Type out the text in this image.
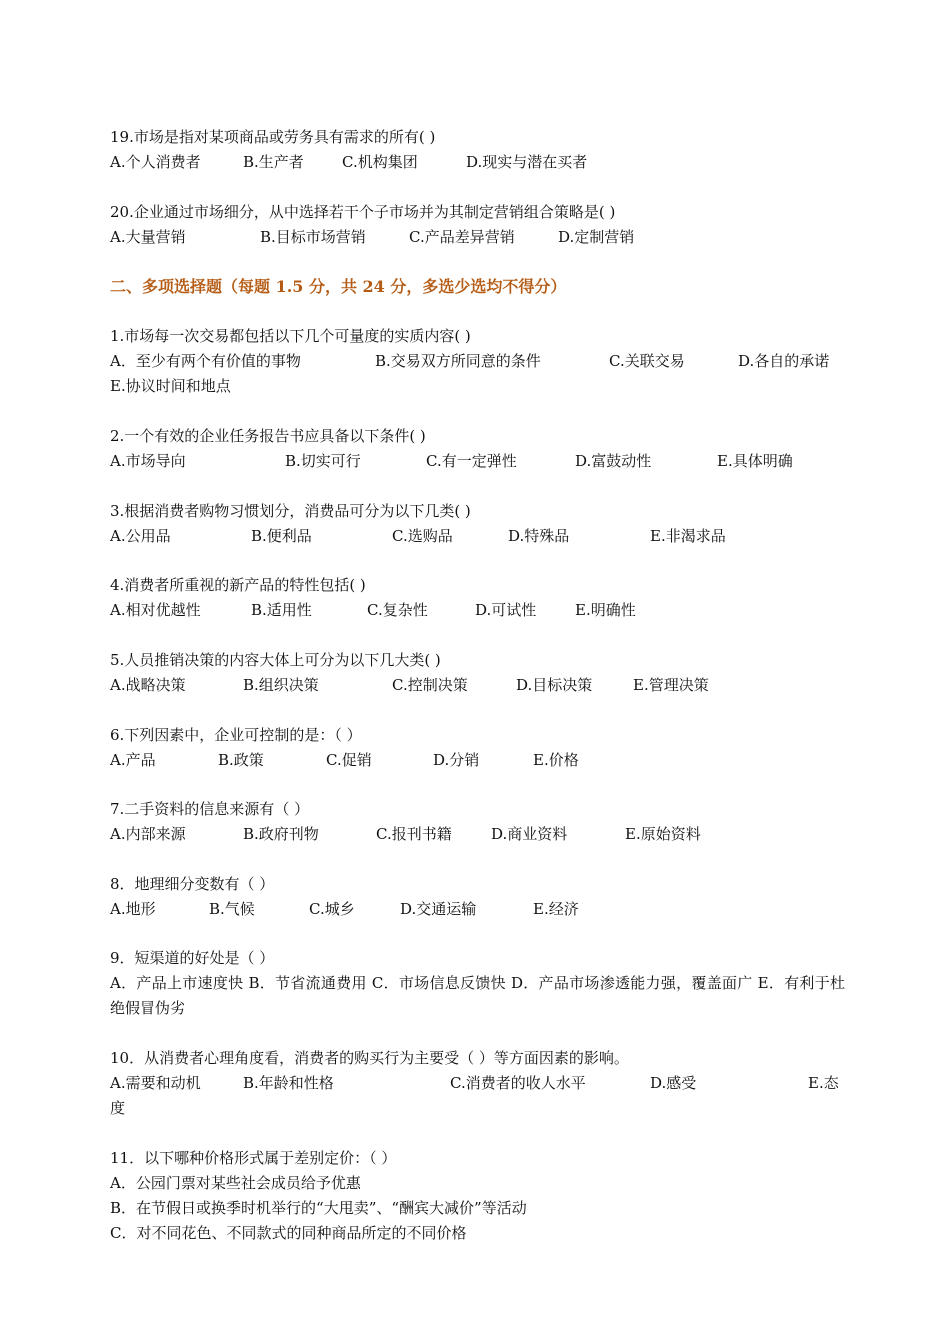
19.市场是指对某项商品或劳务具有需求的所有( )
A.个人消费者	B.生产者	C.机构集团	D.现实与潜在买者
20.企业通过市场细分，从中选择若干个子市场并为其制定营销组合策略是( )
A.大量营销	B.目标市场营销	C.产品差异营销	D.定制营销
二、多项选择题（每题 1.5 分，共 24 分，多选少选均不得分）
1.市场每一次交易都包括以下几个可量度的实质内容( )
A．至少有两个有价值的事物	B.交易双方所同意的条件	C.关联交易	D.各自的承诺
E.协议时间和地点
2.一个有效的企业任务报告书应具备以下条件( )
A.市场导向	B.切实可行	C.有一定弹性	D.富鼓动性	E.具体明确
3.根据消费者购物习惯划分，消费品可分为以下几类( )
A.公用品	B.便利品	C.选购品	D.特殊品	E.非渴求品
4.消费者所重视的新产品的特性包括( )
A.相对优越性	B.适用性	C.复杂性	D.可试性	E.明确性
5.人员推销决策的内容大体上可分为以下几大类( )
A.战略决策	B.组织决策	C.控制决策	D.目标决策	E.管理决策
6.下列因素中，企业可控制的是：（ ）
A.产品	B.政策	C.促销	D.分销	E.价格
7.二手资料的信息来源有（ ）
A.内部来源	B.政府刊物	C.报刊书籍	D.商业资料	E.原始资料
8．地理细分变数有（ ）
A.地形	B.气候	C.城乡	D.交通运输	E.经济
9．短渠道的好处是（ ）
A．产品上市速度快 B．节省流通费用 C．市场信息反馈快 D．产品市场渗透能力强，覆盖面广 E．有利于杜绝假冒伪劣
10．从消费者心理角度看，消费者的购买行为主要受（ ）等方面因素的影响。
A.需要和动机	B.年龄和性格	C.消费者的收人水平	D.感受	E.态
度
11．以下哪种价格形式属于差别定价：（ ）
A．公园门票对某些社会成员给予优惠
B．在节假日或换季时机举行的“大甩卖”、“酬宾大减价”等活动
C．对不同花色、不同款式的同种商品所定的不同价格
